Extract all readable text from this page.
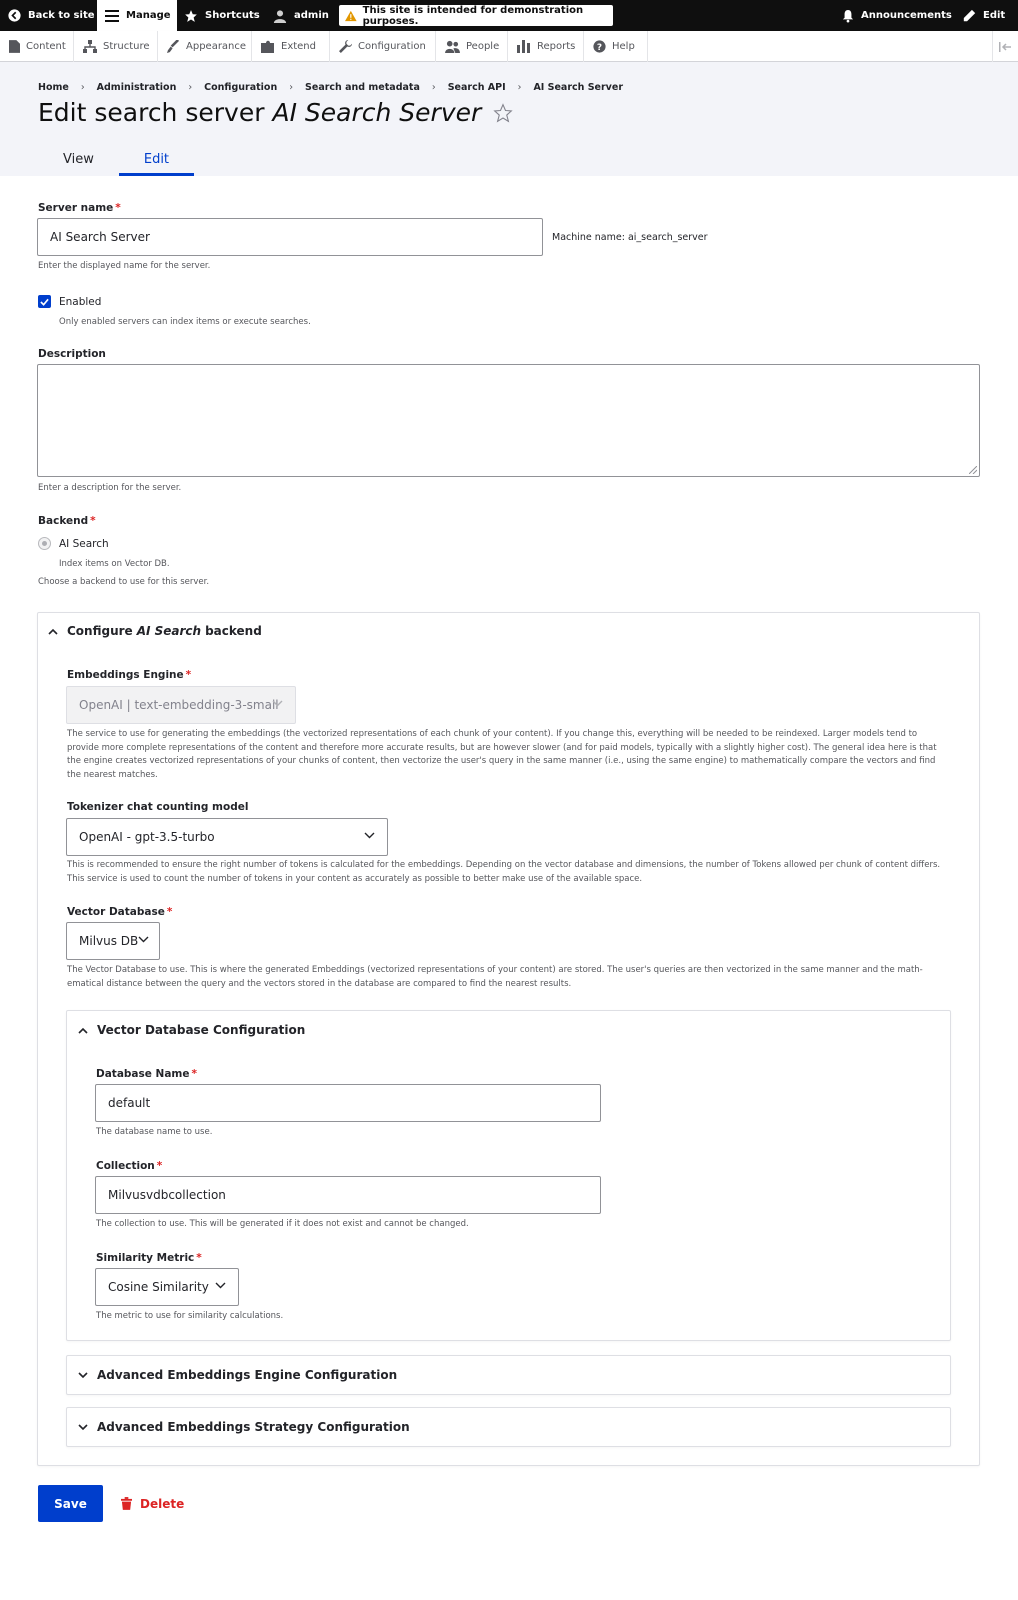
Back to site	Manage	Shortcuts	admin	This site is intended for demonstration purposes.	Announcements	Edit
Content	Structure	Appearance	Extend	Configuration	People	Reports ? Help
Home › Administration › Configuration › Search and metadata › Search API › AI Search Server
Edit search server AI Search Server
View	Edit
Server name *
AI Search Server	Machine name: ai_search_server
Enter the displayed name for the server.
Enabled
Only enabled servers can index items or execute searches.
Description
Enter a description for the server.
Backend *
AI Search
Index items on Vector DB.
Choose a backend to use for this server.
Configure AI Search backend
Embeddings Engine *
OpenAI | text-embedding-3-small
The service to use for generating the embeddings (the vectorized representations of each chunk of your content). If you change this, everything will be needed to be reindexed. Larger models tend to provide more complete representations of the content and therefore more accurate results, but are however slower (and for paid models, typically with a slightly higher cost). The general idea here is that the engine creates vectorized representations of your chunks of content, then vectorize the user's query in the same manner (i.e., using the same engine) to mathematically compare the vectors and find the nearest matches.
Tokenizer chat counting model
OpenAI - gpt-3.5-turbo
This is recommended to ensure the right number of tokens is calculated for the embeddings. Depending on the vector database and dimensions, the number of Tokens allowed per chunk of content differs. This service is used to count the number of tokens in your content as accurately as possible to better make use of the available space.
Vector Database *
Milvus DB
The Vector Database to use. This is where the generated Embeddings (vectorized representations of your content) are stored. The user's queries are then vectorized in the same manner and the mathematical distance between the query and the vectors stored in the database are compared to find the nearest results.
Vector Database Configuration
Database Name *
default
The database name to use.
Collection *
Milvusvdbcollection
The collection to use. This will be generated if it does not exist and cannot be changed.
Similarity Metric *
Cosine Similarity
The metric to use for similarity calculations.
Advanced Embeddings Engine Configuration
Advanced Embeddings Strategy Configuration
Save	Delete
